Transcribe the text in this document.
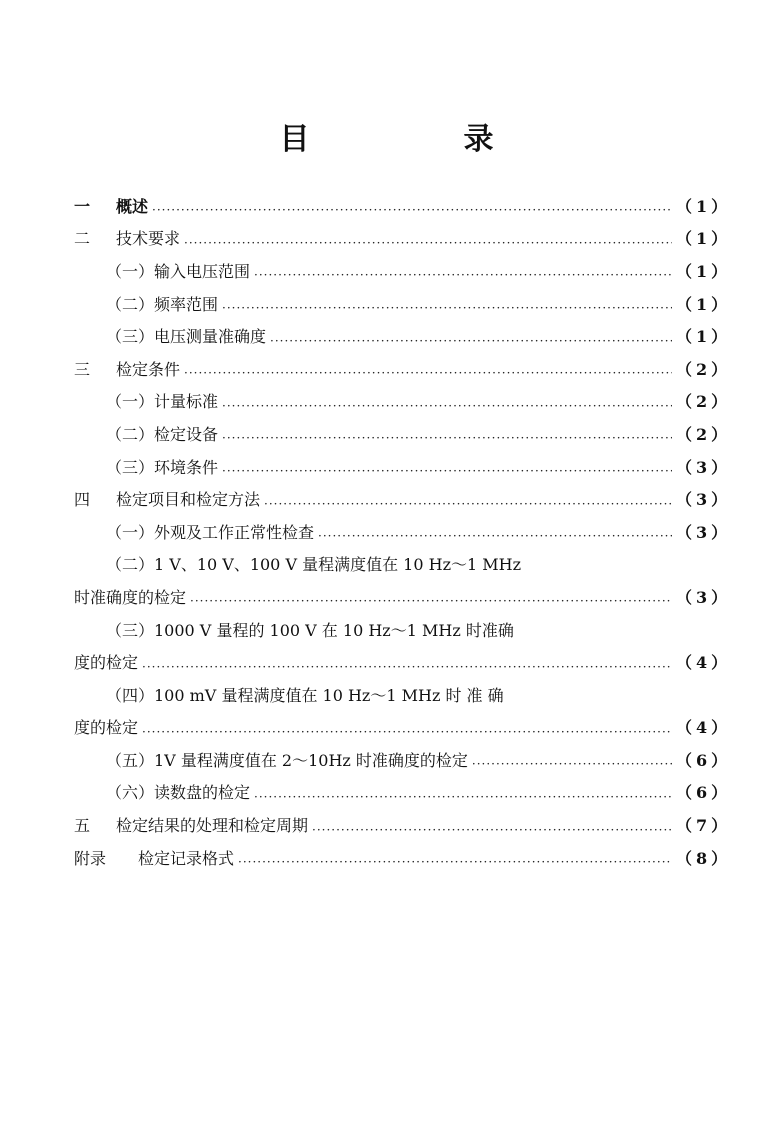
目　录
一 概述 ·····	（1）
二 技术要求 ·····	（1）
（一）输入电压范围 ·····	（1）
（二）频率范围 ·····	（1）
（三）电压测量准确度 ·····	（1）
三 检定条件 ·····	（2）
（一）计量标准 ·····	（2）
（二）检定设备 ·····	（2）
（三）环境条件 ·····	（3）
四 检定项目和检定方法 ·····	（3）
（一）外观及工作正常性检查 ·····	（3）
（二）1 V、10 V、100 V 量程满度值在 10 Hz～1 MHz
时准确度的检定 ·····	（3）
（三）1000 V 量程的 100 V 在 10 Hz～1 MHz 时准确
度的检定 ·····	（4）
（四）100 mV 量程满度值在 10 Hz～1 MHz 时 准 确
度的检定 ·····	（4）
（五）1V 量程满度值在 2～10Hz 时准确度的检定 ·····	（6）
（六）读数盘的检定 ·····	（6）
五 检定结果的处理和检定周期 ·····	（7）
附录 检定记录格式 ·····	（8）
